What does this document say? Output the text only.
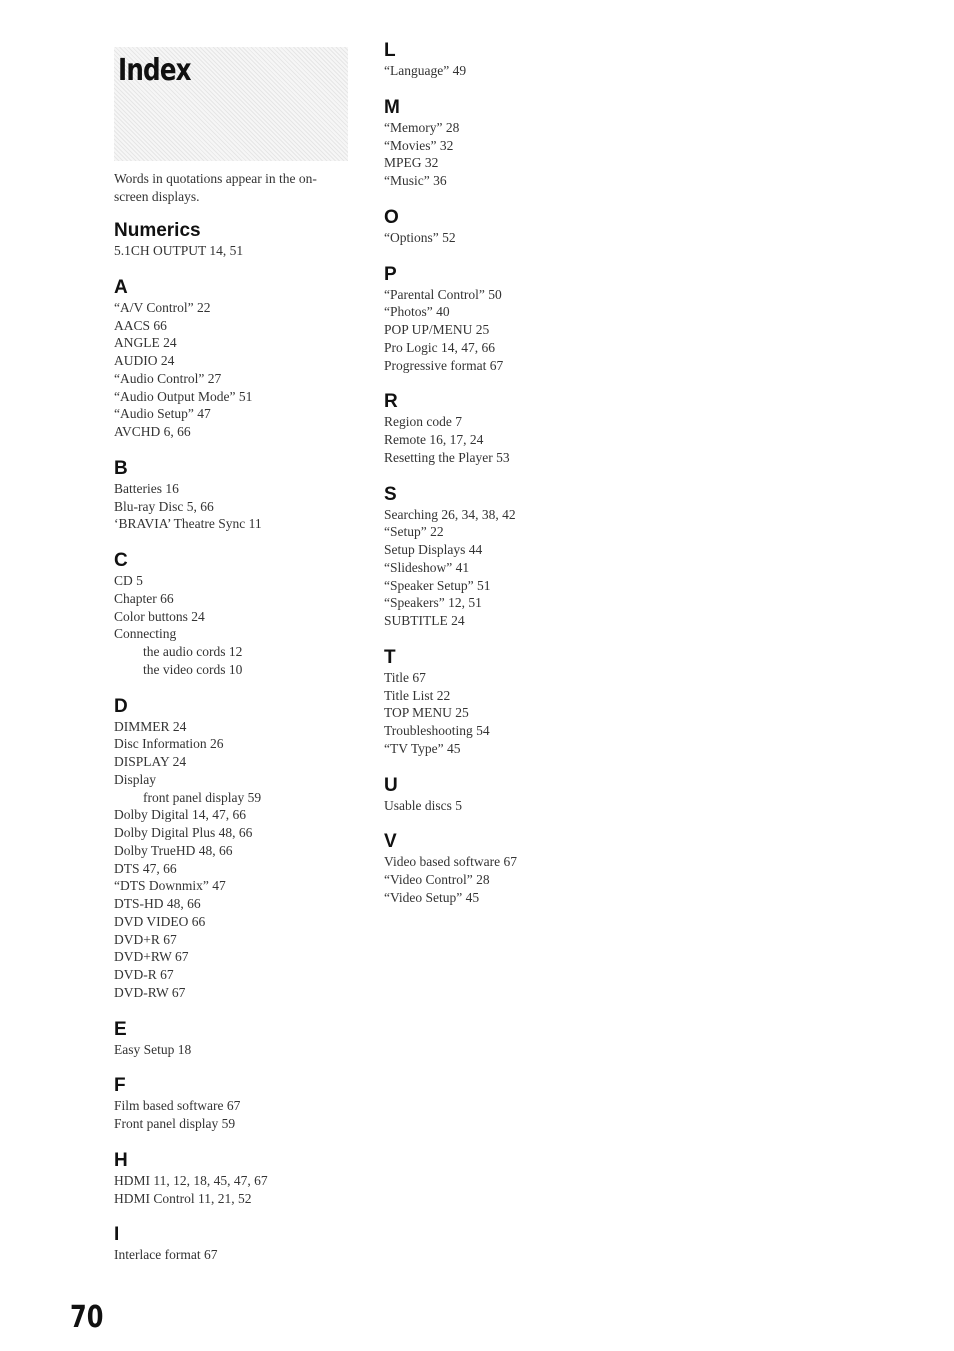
Index

Words in quotations appear in the on-screen displays.

Numerics
5.1CH OUTPUT 14, 51
A
“A/V Control” 22
AACS 66
ANGLE 24
AUDIO 24
“Audio Control” 27
“Audio Output Mode” 51
“Audio Setup” 47
AVCHD 6, 66
B
Batteries 16
Blu-ray Disc 5, 66
‘BRAVIA’ Theatre Sync 11
C
CD 5
Chapter 66
Color buttons 24
Connecting
the audio cords 12
the video cords 10
D
DIMMER 24
Disc Information 26
DISPLAY 24
Display
front panel display 59
Dolby Digital 14, 47, 66
Dolby Digital Plus 48, 66
Dolby TrueHD 48, 66
DTS 47, 66
“DTS Downmix” 47
DTS-HD 48, 66
DVD VIDEO 66
DVD+R 67
DVD+RW 67
DVD-R 67
DVD-RW 67
E
Easy Setup 18
F
Film based software 67
Front panel display 59
H
HDMI 11, 12, 18, 45, 47, 67
HDMI Control 11, 21, 52
I
Interlace format 67
L
“Language” 49
M
“Memory” 28
“Movies” 32
MPEG 32
“Music” 36
O
“Options” 52
P
“Parental Control” 50
“Photos” 40
POP UP/MENU 25
Pro Logic 14, 47, 66
Progressive format 67
R
Region code 7
Remote 16, 17, 24
Resetting the Player 53
S
Searching 26, 34, 38, 42
“Setup” 22
Setup Displays 44
“Slideshow” 41
“Speaker Setup” 51
“Speakers” 12, 51
SUBTITLE 24
T
Title 67
Title List 22
TOP MENU 25
Troubleshooting 54
“TV Type” 45
U
Usable discs 5
V
Video based software 67
“Video Control” 28
“Video Setup” 45

70
